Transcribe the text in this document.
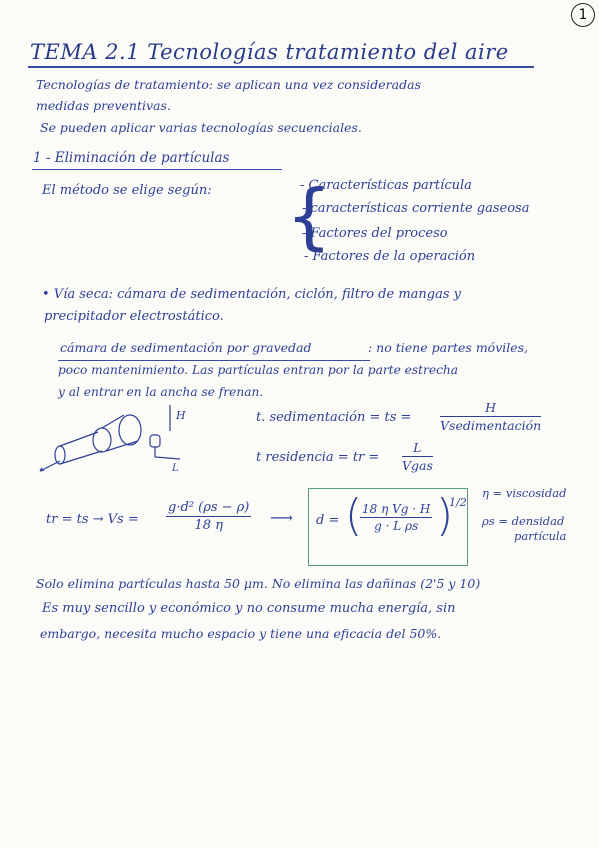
1
TEMA 2.1 Tecnologías tratamiento del aire
Tecnologías de tratamiento: se aplican una vez consideradas
medidas preventivas.
Se pueden aplicar varias tecnologías secuenciales.
1 - Eliminación de partículas
El método se elige según: {
- Características partícula
- características corriente gaseosa
- Factores del proceso
- Factores de la operación
• Vía seca: cámara de sedimentación, ciclón, filtro de mangas y
precipitador electrostático.
cámara de sedimentación por gravedad	: no tiene partes móviles,
poco mantenimiento. Las partículas entran por la parte estrecha
y al entrar en la ancha se frenan.
H
L
t. sedimentación = ts =
H
Vsedimentación
t residencia = tr =
L
Vgas
tr = ts → $Vs = \frac{\text{g·d² (ρs − ρ)}}{18 \eta}$ ⟶ d = (
$\frac{\text{18 η Vg · H}}{\text{g · L ρs}}$ )
1/2
η = viscosidad
ρs = densidad
partícula
Solo elimina partículas hasta 50 μm. No elimina las dañinas (2'5 y 10)
Es muy sencillo y económico y no consume mucha energía, sin
embargo, necesita mucho espacio y tiene una eficacia del 50%.
